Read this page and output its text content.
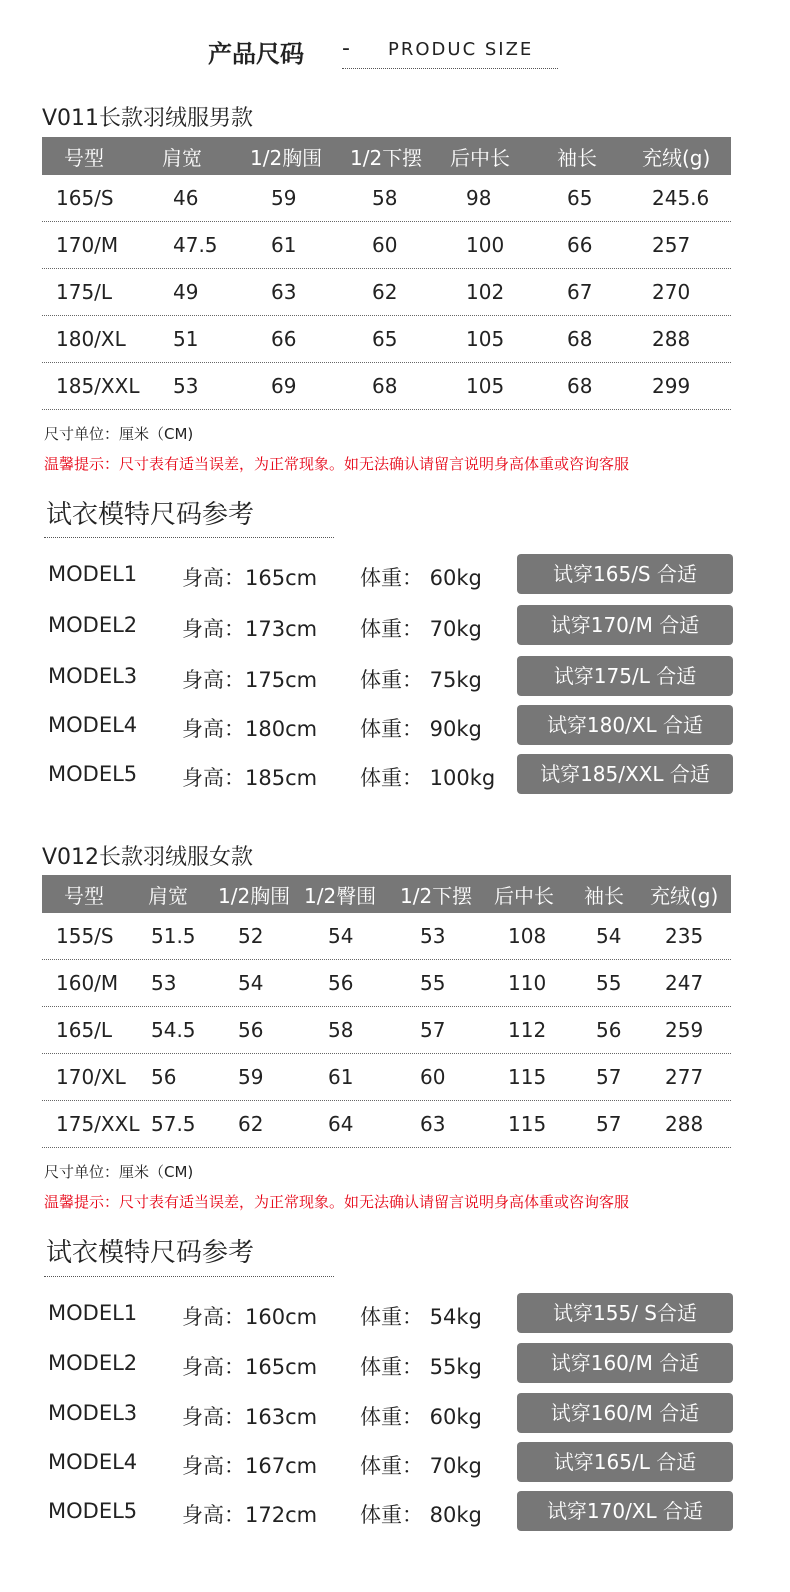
产品尺码 - PRODUC SIZE
V011长款羽绒服男款
号型	肩宽 1/2胸围 1/2下摆 后中长 袖长 充绒(g)
165/S	46	59	58	98	65	245.6
170/M	47.5	61	60	100	66	257
175/L	49	63	62	102	67	270
180/XL 51	66	65	105	68	288
185/XXL 53	69	68	105	68	299
尺寸单位：厘米（CM)
温馨提示：尺寸表有适当误差，为正常现象。如无法确认请留言说明身高体重或咨询客服
试衣模特尺码参考
MODEL1 身高：165cm 体重： 60kg	试穿165/S 合适
MODEL2 身高：173cm 体重： 70kg	试穿170/M 合适
MODEL3 身高：175cm 体重： 75kg	试穿175/L 合适
MODEL4 身高：180cm 体重： 90kg	试穿180/XL 合适
MODEL5 身高：185cm 体重： 100kg	试穿185/XXL 合适
V012长款羽绒服女款
号型 肩宽 1/2胸围 1/2臀围 1/2下摆 后中长 袖长 充绒(g)
155/S 51.5 52	54	53	108 54 235
160/M 53	54	56	55	110 55 247
165/L 54.5 56	58	57	112 56 259
170/XL 56	59	61	60	115 57 277
175/XXL 57.5 62	64	63	115 57 288
尺寸单位：厘米（CM)
温馨提示：尺寸表有适当误差，为正常现象。如无法确认请留言说明身高体重或咨询客服
试衣模特尺码参考
MODEL1 身高：160cm 体重： 54kg	试穿155/ S合适
MODEL2 身高：165cm 体重： 55kg	试穿160/M 合适
MODEL3 身高：163cm 体重： 60kg	试穿160/M 合适
MODEL4 身高：167cm 体重： 70kg	试穿165/L 合适
MODEL5 身高：172cm 体重： 80kg	试穿170/XL 合适
